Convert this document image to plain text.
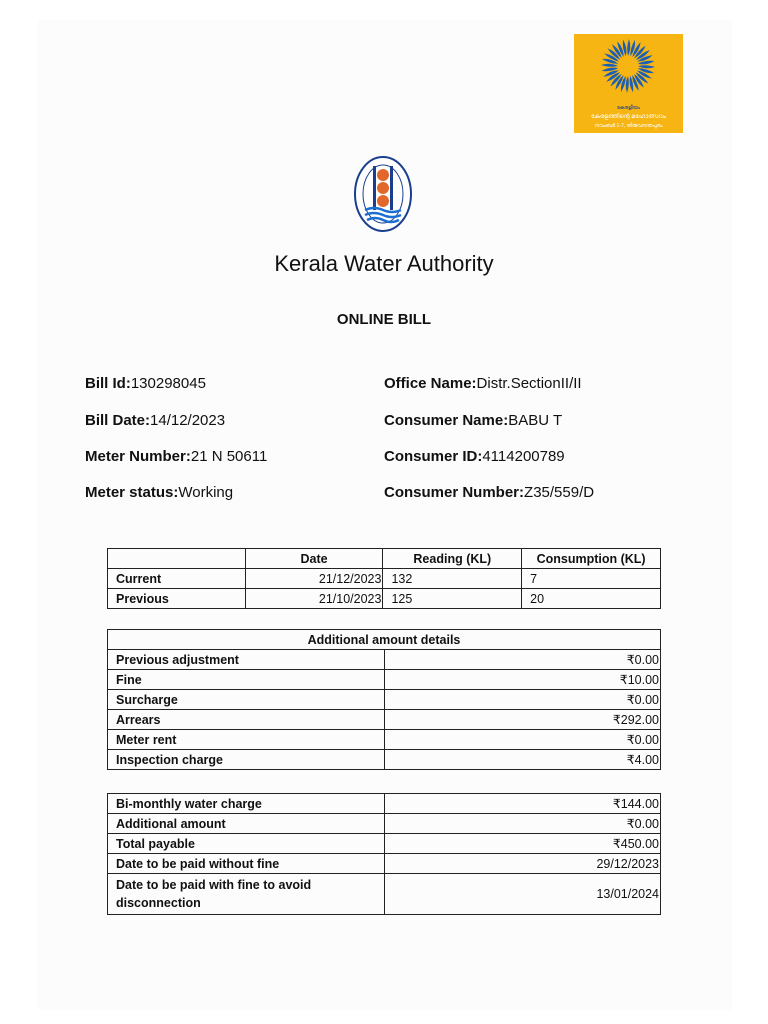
കേരളീയം
കേരളത്തിന്റെ മഹോത്സവം
നവംബർ 1-7, തിരുവനന്തപുരം
Kerala Water Authority
ONLINE BILL
Bill Id:130298045
Bill Date:14/12/2023
Meter Number:21 N 50611
Meter status:Working
Office Name:Distr.SectionII/II
Consumer Name:BABU T
Consumer ID:4114200789
Consumer Number:Z35/559/D
	Date	Reading (KL)	Consumption (KL)
Current	21/12/2023	132	7
Previous	21/10/2023	125	20
Additional amount details	
Previous adjustment	₹0.00
Fine	₹10.00
Surcharge	₹0.00
Arrears	₹292.00
Meter rent	₹0.00
Inspection charge	₹4.00
Bi-monthly water charge	₹144.00
Additional amount	₹0.00
Total payable	₹450.00
Date to be paid without fine	29/12/2023
Date to be paid with fine to avoid disconnection	13/01/2024
